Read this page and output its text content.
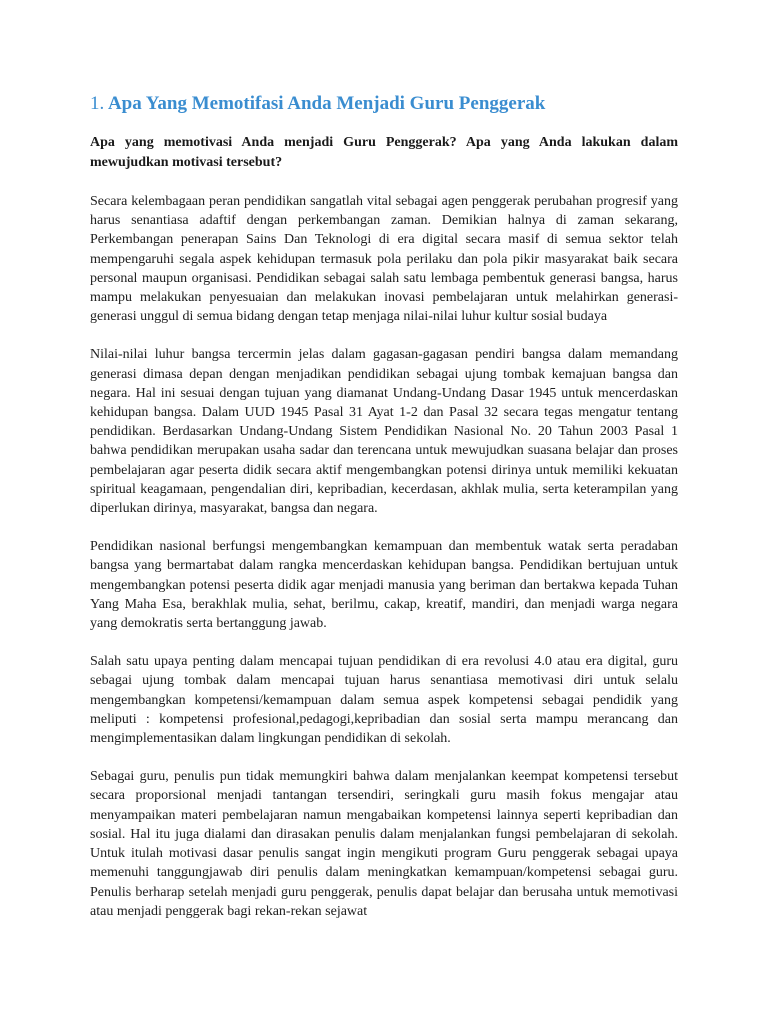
1. Apa Yang Memotifasi Anda Menjadi Guru Penggerak

Apa yang memotivasi Anda menjadi Guru Penggerak? Apa yang Anda lakukan dalam mewujudkan motivasi tersebut?

Secara kelembagaan peran pendidikan sangatlah vital sebagai agen penggerak perubahan progresif yang harus senantiasa adaftif dengan perkembangan zaman. Demikian halnya di zaman sekarang, Perkembangan penerapan Sains Dan Teknologi di era digital secara masif di semua sektor telah mempengaruhi segala aspek kehidupan termasuk pola perilaku dan pola pikir masyarakat baik secara personal maupun organisasi. Pendidikan sebagai salah satu lembaga pembentuk generasi bangsa, harus mampu melakukan penyesuaian dan melakukan inovasi pembelajaran untuk melahirkan generasi-generasi unggul di semua bidang dengan tetap menjaga nilai-nilai luhur kultur sosial budaya

Nilai-nilai luhur bangsa tercermin jelas dalam gagasan-gagasan pendiri bangsa dalam memandang generasi dimasa depan dengan menjadikan pendidikan sebagai ujung tombak kemajuan bangsa dan negara. Hal ini sesuai dengan tujuan yang diamanat Undang-Undang Dasar 1945 untuk mencerdaskan kehidupan bangsa. Dalam UUD 1945 Pasal 31 Ayat 1-2 dan Pasal 32 secara tegas mengatur tentang pendidikan. Berdasarkan Undang-Undang Sistem Pendidikan Nasional No. 20 Tahun 2003 Pasal 1 bahwa pendidikan merupakan usaha sadar dan terencana untuk mewujudkan suasana belajar dan proses pembelajaran agar peserta didik secara aktif mengembangkan potensi dirinya untuk memiliki kekuatan spiritual keagamaan, pengendalian diri, kepribadian, kecerdasan, akhlak mulia, serta keterampilan yang diperlukan dirinya, masyarakat, bangsa dan negara.

Pendidikan nasional berfungsi mengembangkan kemampuan dan membentuk watak serta peradaban bangsa yang bermartabat dalam rangka mencerdaskan kehidupan bangsa. Pendidikan bertujuan untuk mengembangkan potensi peserta didik agar menjadi manusia yang beriman dan bertakwa kepada Tuhan Yang Maha Esa, berakhlak mulia, sehat, berilmu, cakap, kreatif, mandiri, dan menjadi warga negara yang demokratis serta bertanggung jawab.

Salah satu upaya penting dalam mencapai tujuan pendidikan di era revolusi 4.0 atau era digital, guru sebagai ujung tombak dalam mencapai tujuan harus senantiasa memotivasi diri untuk selalu mengembangkan kompetensi/kemampuan dalam semua aspek kompetensi sebagai pendidik yang meliputi : kompetensi profesional,pedagogi,kepribadian dan sosial serta mampu merancang dan mengimplementasikan dalam lingkungan pendidikan di sekolah.

Sebagai guru, penulis pun tidak memungkiri bahwa dalam menjalankan keempat kompetensi tersebut secara proporsional menjadi tantangan tersendiri, seringkali guru masih fokus mengajar atau menyampaikan materi pembelajaran namun mengabaikan kompetensi lainnya seperti kepribadian dan sosial. Hal itu juga dialami dan dirasakan penulis dalam menjalankan fungsi pembelajaran di sekolah. Untuk itulah motivasi dasar penulis sangat ingin mengikuti program Guru penggerak sebagai upaya memenuhi tanggungjawab diri penulis dalam meningkatkan kemampuan/kompetensi sebagai guru. Penulis berharap setelah menjadi guru penggerak, penulis dapat belajar dan berusaha untuk memotivasi atau menjadi penggerak bagi rekan-rekan sejawat
